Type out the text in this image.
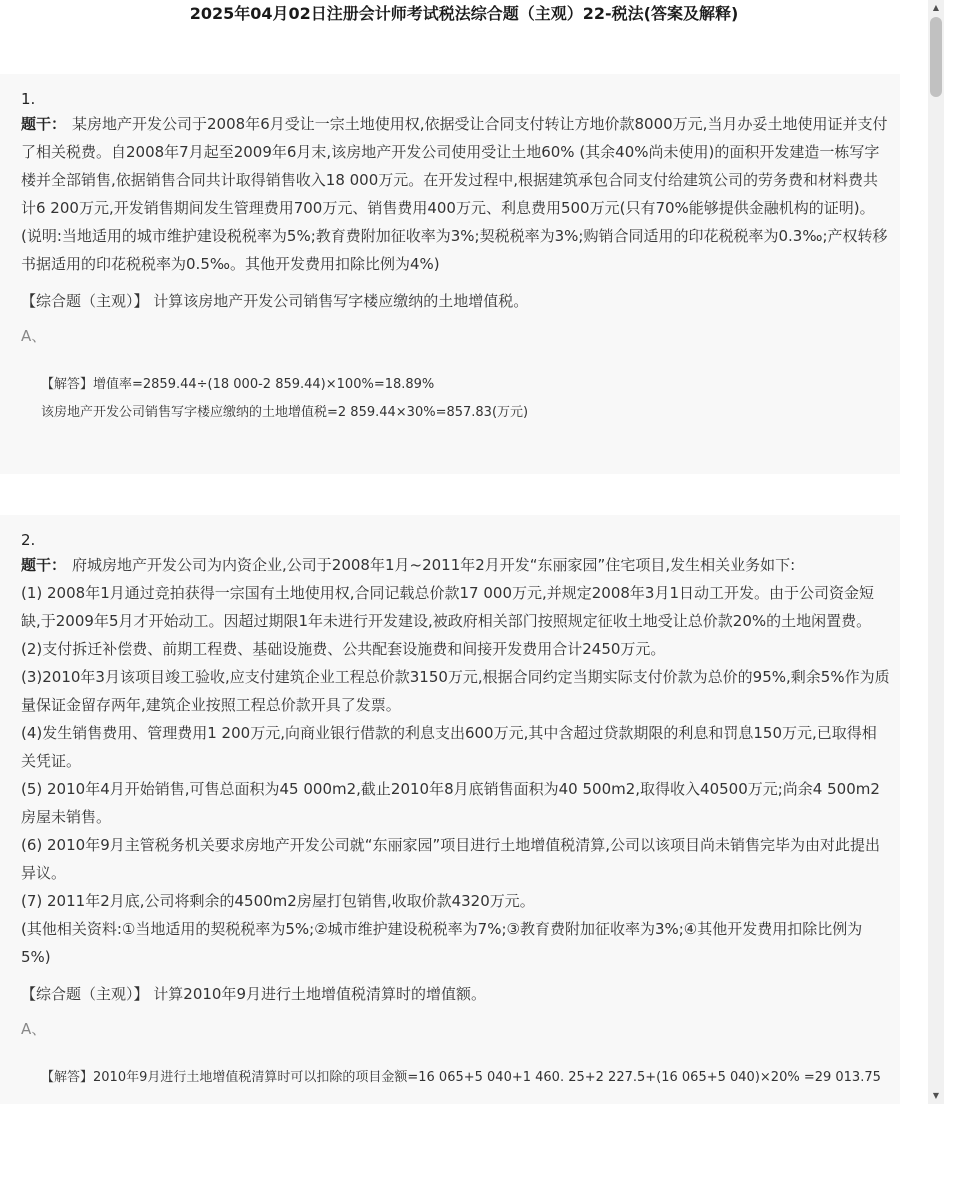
2025年04月02日注册会计师考试税法综合题（主观）22-税法(答案及解释)

1.

题干： 某房地产开发公司于2008年6月受让一宗土地使用权,依据受让合同支付转让方地价款8000万元,当月办妥土地使用证并支付了相关税费。自2008年7月起至2009年6月末,该房地产开发公司使用受让土地60% (其余40%尚未使用)的面积开发建造一栋写字楼并全部销售,依据销售合同共计取得销售收入18 000万元。在开发过程中,根据建筑承包合同支付给建筑公司的劳务费和材料费共计6 200万元,开发销售期间发生管理费用700万元、销售费用400万元、利息费用500万元(只有70%能够提供金融机构的证明)。
(说明:当地适用的城市维护建设税税率为5%;教育费附加征收率为3%;契税税率为3%;购销合同适用的印花税税率为0.3‰;产权转移书据适用的印花税税率为0.5‰。其他开发费用扣除比例为4%)

【综合题（主观）】 计算该房地产开发公司销售写字楼应缴纳的土地增值税。

A、

【解答】增值率=2859.44÷(18 000-2 859.44)×100%=18.89%
该房地产开发公司销售写字楼应缴纳的土地增值税=2 859.44×30%=857.83(万元)

2.

题干： 府城房地产开发公司为内资企业,公司于2008年1月~2011年2月开发“东丽家园”住宅项目,发生相关业务如下:
(1) 2008年1月通过竞拍获得一宗国有土地使用权,合同记载总价款17 000万元,并规定2008年3月1日动工开发。由于公司资金短缺,于2009年5月才开始动工。因超过期限1年未进行开发建设,被政府相关部门按照规定征收土地受让总价款20%的土地闲置费。
(2)支付拆迁补偿费、前期工程费、基础设施费、公共配套设施费和间接开发费用合计2450万元。
(3)2010年3月该项目竣工验收,应支付建筑企业工程总价款3150万元,根据合同约定当期实际支付价款为总价的95%,剩余5%作为质量保证金留存两年,建筑企业按照工程总价款开具了发票。
(4)发生销售费用、管理费用1 200万元,向商业银行借款的利息支出600万元,其中含超过贷款期限的利息和罚息150万元,已取得相关凭证。
(5) 2010年4月开始销售,可售总面积为45 000m2,截止2010年8月底销售面积为40 500m2,取得收入40500万元;尚余4 500m2房屋未销售。
(6) 2010年9月主管税务机关要求房地产开发公司就“东丽家园”项目进行土地增值税清算,公司以该项目尚未销售完毕为由对此提出异议。
(7) 2011年2月底,公司将剩余的4500m2房屋打包销售,收取价款4320万元。
(其他相关资料:①当地适用的契税税率为5%;②城市维护建设税税率为7%;③教育费附加征收率为3%;④其他开发费用扣除比例为5%)

【综合题（主观）】 计算2010年9月进行土地增值税清算时的增值额。

A、

【解答】2010年9月进行土地增值税清算时可以扣除的项目金额=16 065+5 040+1 460. 25+2 227.5+(16 065+5 040)×20% =29 013.75
▲
▼
